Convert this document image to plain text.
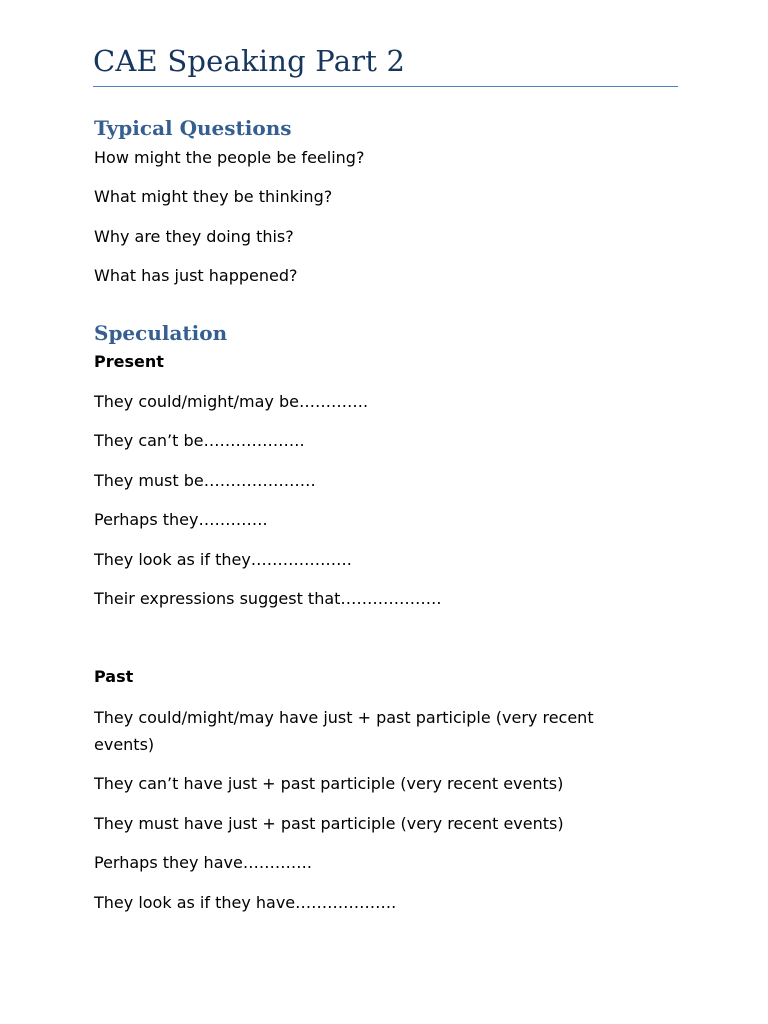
CAE Speaking Part 2
Typical Questions
How might the people be feeling?
What might they be thinking?
Why are they doing this?
What has just happened?
Speculation
Present
They could/might/may be………….
They can’t be……………….
They must be…………………
Perhaps they………….
They look as if they……………….
Their expressions suggest that……………….
Past
They could/might/may have just + past participle (very recent events)
They can’t have just + past participle (very recent events)
They must have just + past participle (very recent events)
Perhaps they have………….
They look as if they have……………….
